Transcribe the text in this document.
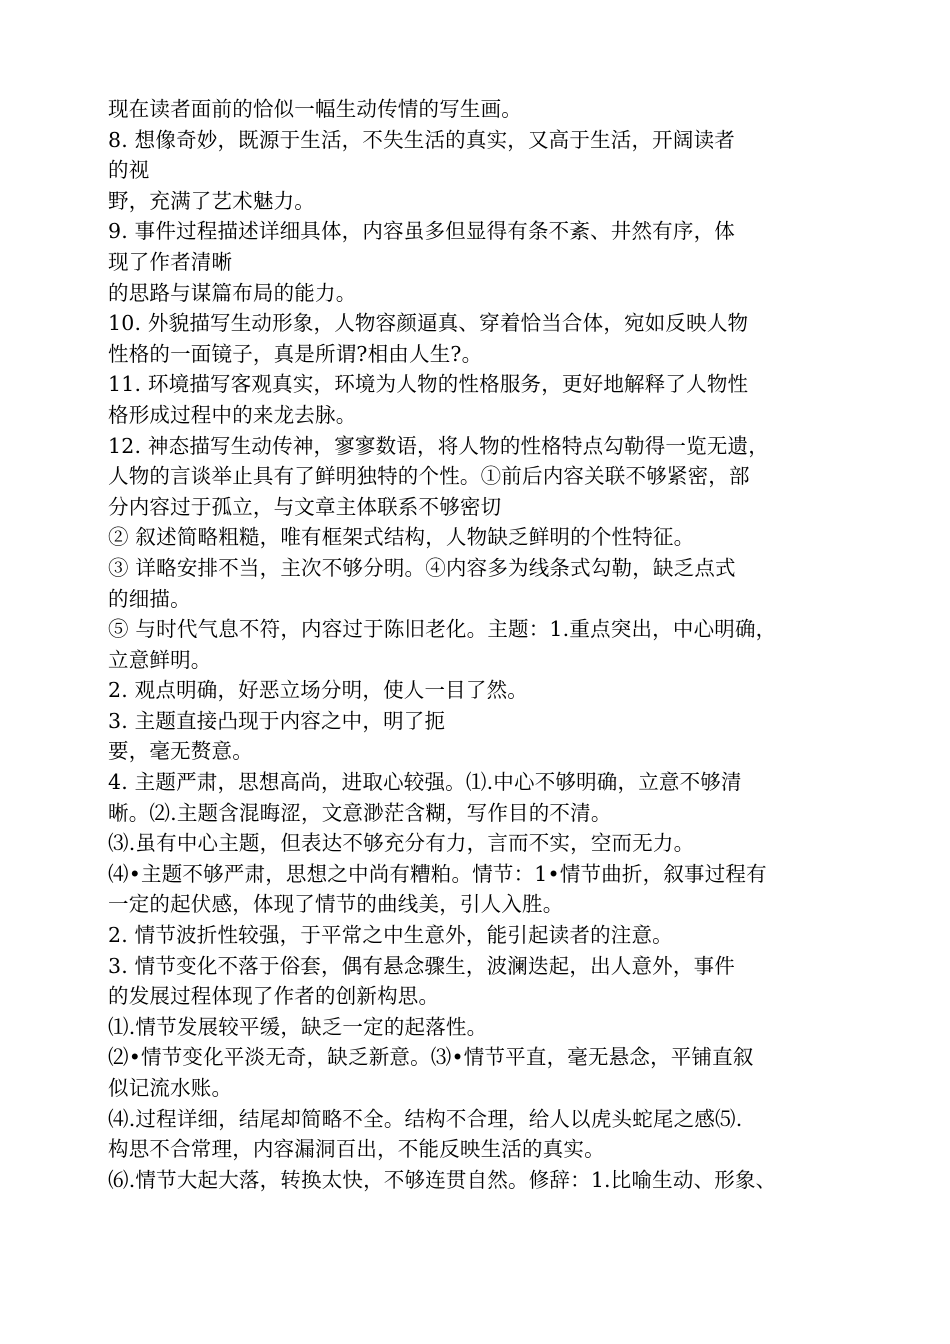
现在读者面前的恰似一幅生动传情的写生画。
8. 想像奇妙，既源于生活，不失生活的真实，又高于生活，开阔读者
的视
野，充满了艺术魅力。
9. 事件过程描述详细具体，内容虽多但显得有条不紊、井然有序，体
现了作者清晰
的思路与谋篇布局的能力。
10. 外貌描写生动形象，人物容颜逼真、穿着恰当合体，宛如反映人物
性格的一面镜子，真是所谓?相由人生?。
11. 环境描写客观真实，环境为人物的性格服务，更好地解释了人物性
格形成过程中的来龙去脉。
12. 神态描写生动传神，寥寥数语，将人物的性格特点勾勒得一览无遗，
人物的言谈举止具有了鲜明独特的个性。①前后内容关联不够紧密，部
分内容过于孤立，与文章主体联系不够密切
② 叙述简略粗糙，唯有框架式结构，人物缺乏鲜明的个性特征。
③ 详略安排不当，主次不够分明。④内容多为线条式勾勒，缺乏点式
的细描。
⑤ 与时代气息不符，内容过于陈旧老化。主题：1.重点突出，中心明确，
立意鲜明。
2. 观点明确，好恶立场分明，使人一目了然。
3. 主题直接凸现于内容之中，明了扼
要，毫无赘意。
4. 主题严肃，思想高尚，进取心较强。⑴.中心不够明确，立意不够清
晰。⑵.主题含混晦涩，文意渺茫含糊，写作目的不清。
⑶.虽有中心主题，但表达不够充分有力，言而不实，空而无力。
⑷•主题不够严肃，思想之中尚有糟粕。情节：1•情节曲折，叙事过程有
一定的起伏感，体现了情节的曲线美，引人入胜。
2. 情节波折性较强，于平常之中生意外，能引起读者的注意。
3. 情节变化不落于俗套，偶有悬念骤生，波澜迭起，出人意外，事件
的发展过程体现了作者的创新构思。
⑴.情节发展较平缓，缺乏一定的起落性。
⑵•情节变化平淡无奇，缺乏新意。⑶•情节平直，毫无悬念，平铺直叙
似记流水账。
⑷.过程详细，结尾却简略不全。结构不合理，给人以虎头蛇尾之感⑸.
构思不合常理，内容漏洞百出，不能反映生活的真实。
⑹.情节大起大落，转换太快，不够连贯自然。修辞：1.比喻生动、形象、
